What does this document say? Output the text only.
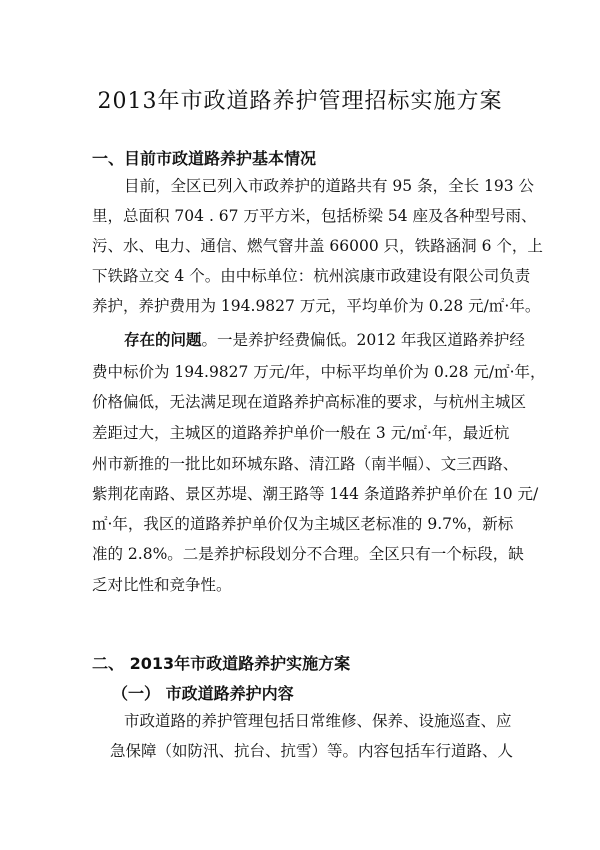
2013年市政道路养护管理招标实施方案
一、目前市政道路养护基本情况
目前，全区已列入市政养护的道路共有 95 条，全长 193 公
里，总面积 704 . 67 万平方米，包括桥梁 54 座及各种型号雨、
污、水、电力、通信、燃气窨井盖 66000 只，铁路涵洞 6 个，上
下铁路立交 4 个。由中标单位：杭州滨康市政建设有限公司负责
养护，养护费用为 194.9827 万元，平均单价为 0.28 元/㎡·年。
存在的问题 。一是养护经费偏低。2012 年我区道路养护经
费中标价为 194.9827 万元/年，中标平均单价为 0.28 元/㎡·年，
价格偏低，无法满足现在道路养护高标准的要求，与杭州主城区
差距过大，主城区的道路养护单价一般在 3 元/㎡·年，最近杭
州市新推的一批比如环城东路、清江路（南半幅）、文三西路、
紫荆花南路、景区苏堤、潮王路等 144 条道路养护单价在 10 元/
㎡·年，我区的道路养护单价仅为主城区老标准的 9.7%，新标
准的 2.8%。二是养护标段划分不合理。全区只有一个标段，缺
乏对比性和竞争性。
二、 2013年市政道路养护实施方案
（一） 市政道路养护内容
市政道路的养护管理包括日常维修、保养、设施巡查、应
急保障（如防汛、抗台、抗雪）等。内容包括车行道路、人
